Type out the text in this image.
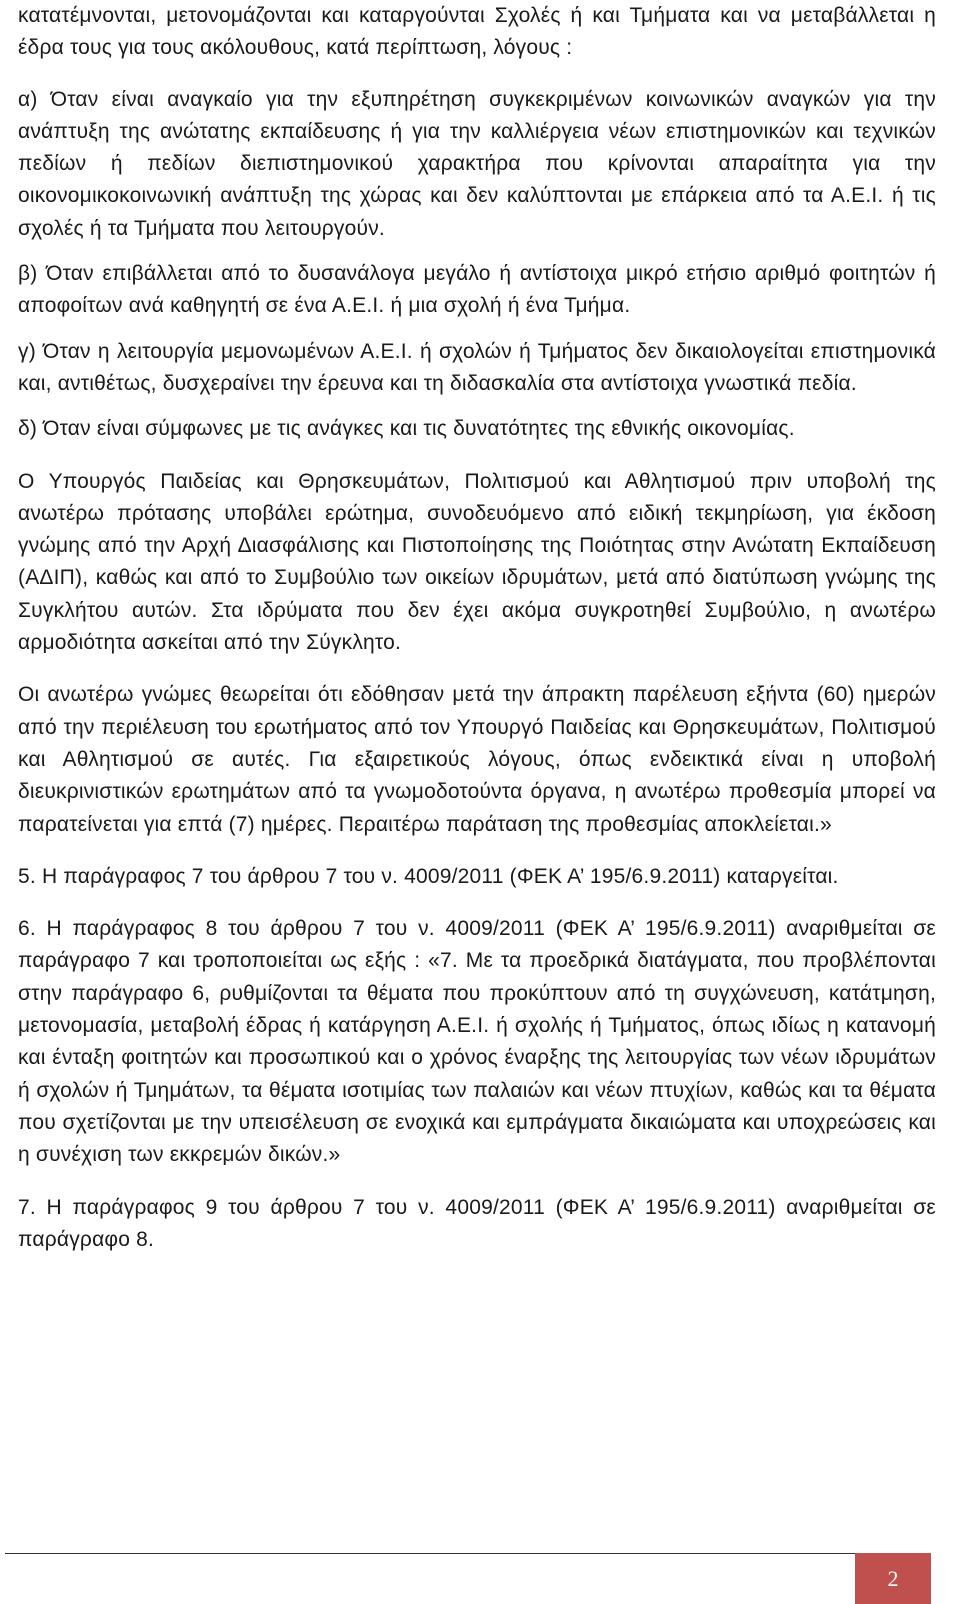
κατατέμνονται, μετονομάζονται και καταργούνται Σχολές ή και Τμήματα και να μεταβάλλεται η έδρα τους για τους ακόλουθους, κατά περίπτωση, λόγους :

α) Όταν είναι αναγκαίο για την εξυπηρέτηση συγκεκριμένων κοινωνικών αναγκών για την ανάπτυξη της ανώτατης εκπαίδευσης ή για την καλλιέργεια νέων επιστημονικών και τεχνικών πεδίων ή πεδίων διεπιστημονικού χαρακτήρα που κρίνονται απαραίτητα για την οικονομικοκοινωνική ανάπτυξη της χώρας και δεν καλύπτονται με επάρκεια από τα Α.Ε.Ι. ή τις σχολές ή τα Τμήματα που λειτουργούν.

β) Όταν επιβάλλεται από το δυσανάλογα μεγάλο ή αντίστοιχα μικρό ετήσιο αριθμό φοιτητών ή αποφοίτων ανά καθηγητή σε ένα Α.Ε.Ι. ή μια σχολή ή ένα Τμήμα.

γ) Όταν η λειτουργία μεμονωμένων Α.Ε.Ι. ή σχολών ή Τμήματος δεν δικαιολογείται επιστημονικά και, αντιθέτως, δυσχεραίνει την έρευνα και τη διδασκαλία στα αντίστοιχα γνωστικά πεδία.

δ) Όταν είναι σύμφωνες με τις ανάγκες και τις δυνατότητες της εθνικής οικονομίας.

Ο Υπουργός Παιδείας και Θρησκευμάτων, Πολιτισμού και Αθλητισμού πριν υποβολή της ανωτέρω πρότασης υποβάλει ερώτημα, συνοδευόμενο από ειδική τεκμηρίωση, για έκδοση γνώμης από την Αρχή Διασφάλισης και Πιστοποίησης της Ποιότητας στην Ανώτατη Εκπαίδευση (ΑΔΙΠ), καθώς και από το Συμβούλιο των οικείων ιδρυμάτων, μετά από διατύπωση γνώμης της Συγκλήτου αυτών. Στα ιδρύματα που δεν έχει ακόμα συγκροτηθεί Συμβούλιο, η ανωτέρω αρμοδιότητα ασκείται από την Σύγκλητο.

Οι ανωτέρω γνώμες θεωρείται ότι εδόθησαν μετά την άπρακτη παρέλευση εξήντα (60) ημερών από την περιέλευση του ερωτήματος από τον Υπουργό Παιδείας και Θρησκευμάτων, Πολιτισμού και Αθλητισμού σε αυτές. Για εξαιρετικούς λόγους, όπως ενδεικτικά είναι η υποβολή διευκρινιστικών ερωτημάτων από τα γνωμοδοτούντα όργανα, η ανωτέρω προθεσμία μπορεί να παρατείνεται για επτά (7) ημέρες. Περαιτέρω παράταση της προθεσμίας αποκλείεται.»

5. Η παράγραφος 7 του άρθρου 7 του ν. 4009/2011 (ΦΕΚ Α’ 195/6.9.2011) καταργείται.

6. Η παράγραφος 8 του άρθρου 7 του ν. 4009/2011 (ΦΕΚ Α’ 195/6.9.2011) αναριθμείται σε παράγραφο 7 και τροποποιείται ως εξής : «7. Με τα προεδρικά διατάγματα, που προβλέπονται στην παράγραφο 6, ρυθμίζονται τα θέματα που προκύπτουν από τη συγχώνευση, κατάτμηση, μετονομασία, μεταβολή έδρας ή κατάργηση Α.Ε.Ι. ή σχολής ή Τμήματος, όπως ιδίως η κατανομή και ένταξη φοιτητών και προσωπικού και ο χρόνος έναρξης της λειτουργίας των νέων ιδρυμάτων ή σχολών ή Τμημάτων, τα θέματα ισοτιμίας των παλαιών και νέων πτυχίων, καθώς και τα θέματα που σχετίζονται με την υπεισέλευση σε ενοχικά και εμπράγματα δικαιώματα και υποχρεώσεις και η συνέχιση των εκκρεμών δικών.»

7. Η παράγραφος 9 του άρθρου 7 του ν. 4009/2011 (ΦΕΚ Α’ 195/6.9.2011) αναριθμείται σε παράγραφο 8.

2
